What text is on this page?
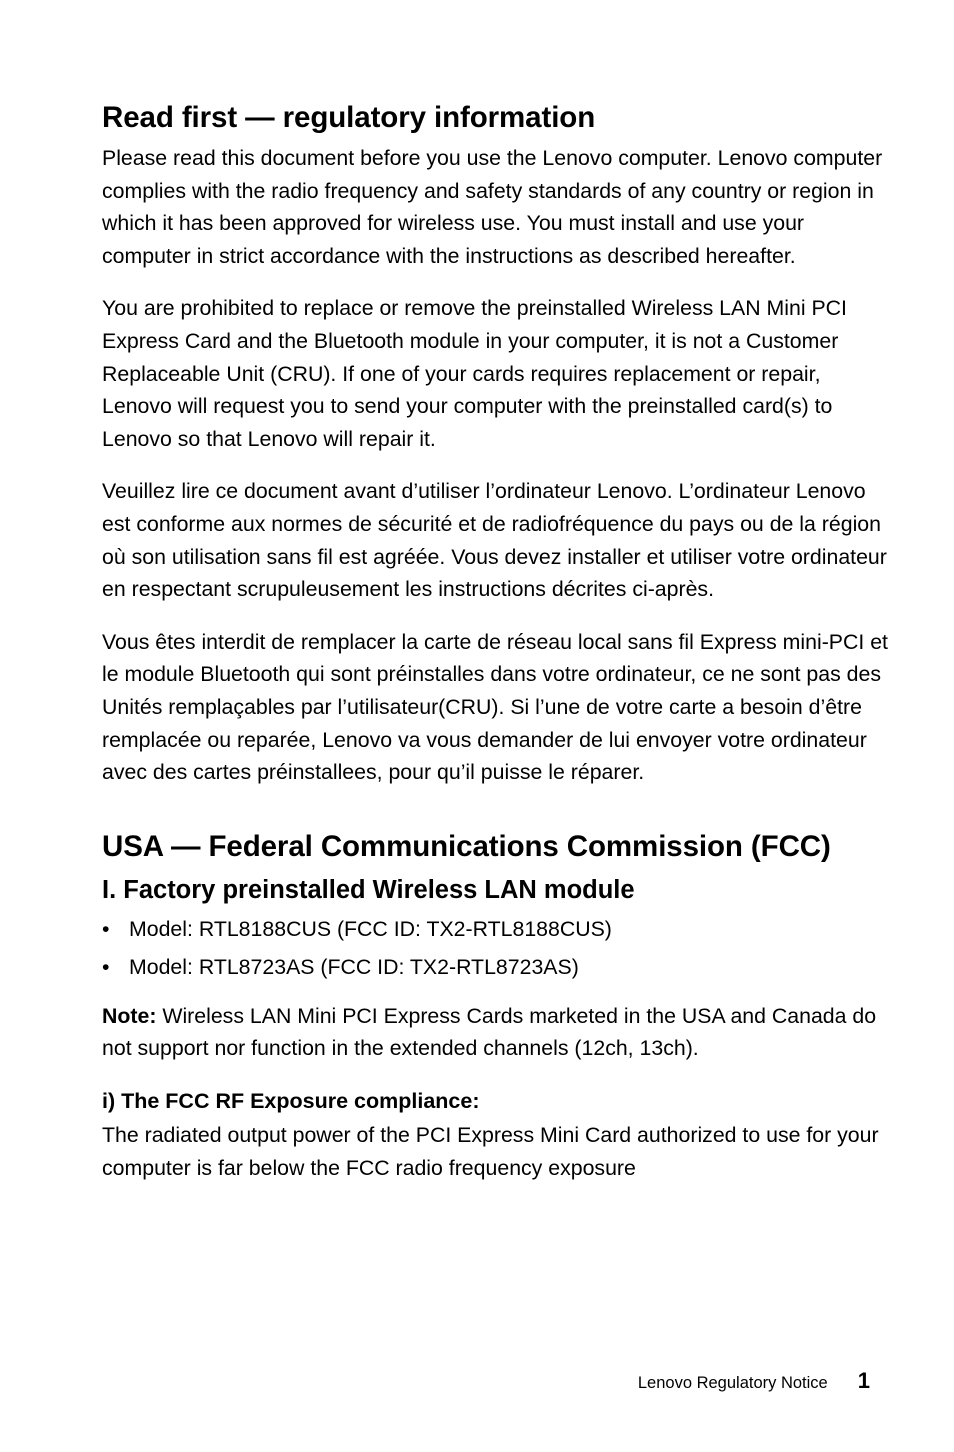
Read first — regulatory information

Please read this document before you use the Lenovo computer. Lenovo computer complies with the radio frequency and safety standards of any country or region in which it has been approved for wireless use. You must install and use your computer in strict accordance with the instructions as described hereafter.

You are prohibited to replace or remove the preinstalled Wireless LAN Mini PCI Express Card and the Bluetooth module in your computer, it is not a Customer Replaceable Unit (CRU). If one of your cards requires replacement or repair, Lenovo will request you to send your computer with the preinstalled card(s) to Lenovo so that Lenovo will repair it.

Veuillez lire ce document avant d’utiliser l’ordinateur Lenovo. L’ordinateur Lenovo est conforme aux normes de sécurité et de radiofréquence du pays ou de la région où son utilisation sans fil est agréée. Vous devez installer et utiliser votre ordinateur en respectant scrupuleusement les instructions décrites ci-après.

Vous êtes interdit de remplacer la carte de réseau local sans fil Express mini-PCI et le module Bluetooth qui sont préinstalles dans votre ordinateur, ce ne sont pas des Unités remplaçables par l’utilisateur(CRU). Si l’une de votre carte a besoin d’être remplacée ou reparée, Lenovo va vous demander de lui envoyer votre ordinateur avec des cartes préinstallees, pour qu’il puisse le réparer.

USA — Federal Communications Commission (FCC)
I. Factory preinstalled Wireless LAN module
• Model: RTL8188CUS (FCC ID: TX2-RTL8188CUS)
• Model: RTL8723AS (FCC ID: TX2-RTL8723AS)

Note: Wireless LAN Mini PCI Express Cards marketed in the USA and Canada do not support nor function in the extended channels (12ch, 13ch).

i) The FCC RF Exposure compliance:

The radiated output power of the PCI Express Mini Card authorized to use for your computer is far below the FCC radio frequency exposure

Lenovo Regulatory Notice 1
